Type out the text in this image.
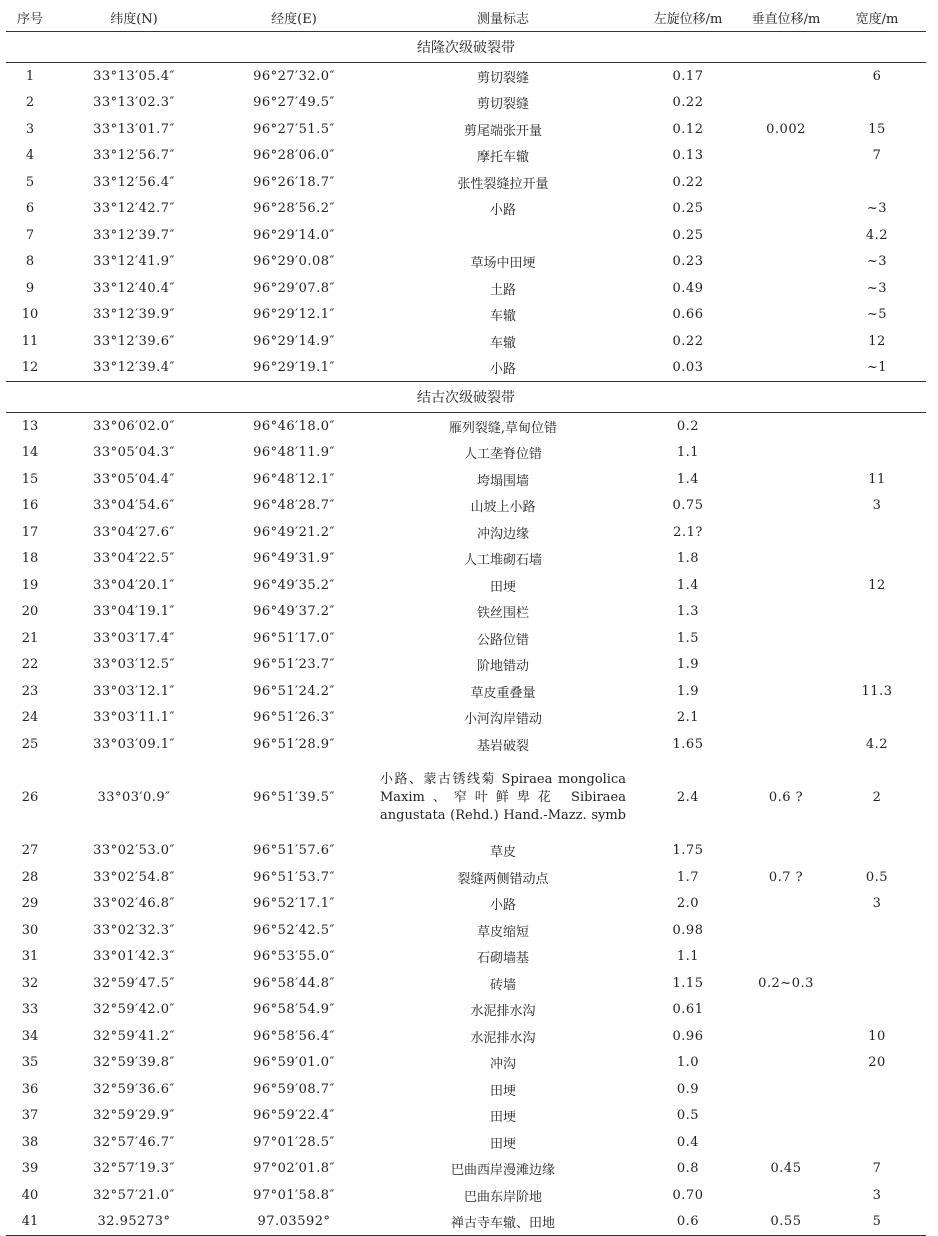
序号	纬度(N)	经度(E)	测量标志	左旋位移/m	垂直位移/m	宽度/m
结隆次级破裂带						
1	33°13′05.4″	96°27′32.0″	剪切裂缝	0.17		6
2	33°13′02.3″	96°27′49.5″	剪切裂缝	0.22		
3	33°13′01.7″	96°27′51.5″	剪尾端张开量	0.12	0.002	15
4	33°12′56.7″	96°28′06.0″	摩托车辙	0.13		7
5	33°12′56.4″	96°26′18.7″	张性裂缝拉开量	0.22		
6	33°12′42.7″	96°28′56.2″	小路	0.25		~3
7	33°12′39.7″	96°29′14.0″		0.25		4.2
8	33°12′41.9″	96°29′0.08″	草场中田埂	0.23		~3
9	33°12′40.4″	96°29′07.8″	土路	0.49		~3
10	33°12′39.9″	96°29′12.1″	车辙	0.66		~5
11	33°12′39.6″	96°29′14.9″	车辙	0.22		12
12	33°12′39.4″	96°29′19.1″	小路	0.03		~1
结古次级破裂带						
13	33°06′02.0″	96°46′18.0″	雁列裂缝,草甸位错	0.2		
14	33°05′04.3″	96°48′11.9″	人工垄脊位错	1.1		
15	33°05′04.4″	96°48′12.1″	垮塌围墙	1.4		11
16	33°04′54.6″	96°48′28.7″	山坡上小路	0.75		3
17	33°04′27.6″	96°49′21.2″	冲沟边缘	2.1?		
18	33°04′22.5″	96°49′31.9″	人工堆砌石墙	1.8		
19	33°04′20.1″	96°49′35.2″	田埂	1.4		12
20	33°04′19.1″	96°49′37.2″	铁丝围栏	1.3		
21	33°03′17.4″	96°51′17.0″	公路位错	1.5		
22	33°03′12.5″	96°51′23.7″	阶地错动	1.9		
23	33°03′12.1″	96°51′24.2″	草皮重叠量	1.9		11.3
24	33°03′11.1″	96°51′26.3″	小河沟岸错动	2.1		
25	33°03′09.1″	96°51′28.9″	基岩破裂	1.65		4.2
26	33°03′0.9″	96°51′39.5″	小路、蒙古锈线菊 Spiraea mongolica Maxim、窄叶鲜卑花 Sibiraea angustata (Rehd.) Hand.-Mazz. symb	2.4	0.6 ?	2
27	33°02′53.0″	96°51′57.6″	草皮	1.75		
28	33°02′54.8″	96°51′53.7″	裂缝两侧错动点	1.7	0.7 ?	0.5
29	33°02′46.8″	96°52′17.1″	小路	2.0		3
30	33°02′32.3″	96°52′42.5″	草皮缩短	0.98		
31	33°01′42.3″	96°53′55.0″	石砌墙基	1.1		
32	32°59′47.5″	96°58′44.8″	砖墙	1.15	0.2~0.3	
33	32°59′42.0″	96°58′54.9″	水泥排水沟	0.61		
34	32°59′41.2″	96°58′56.4″	水泥排水沟	0.96		10
35	32°59′39.8″	96°59′01.0″	冲沟	1.0		20
36	32°59′36.6″	96°59′08.7″	田埂	0.9		
37	32°59′29.9″	96°59′22.4″	田埂	0.5		
38	32°57′46.7″	97°01′28.5″	田埂	0.4		
39	32°57′19.3″	97°02′01.8″	巴曲西岸漫滩边缘	0.8	0.45	7
40	32°57′21.0″	97°01′58.8″	巴曲东岸阶地	0.70		3
41	32.95273°	97.03592°	禅古寺车辙、田地	0.6	0.55	5
